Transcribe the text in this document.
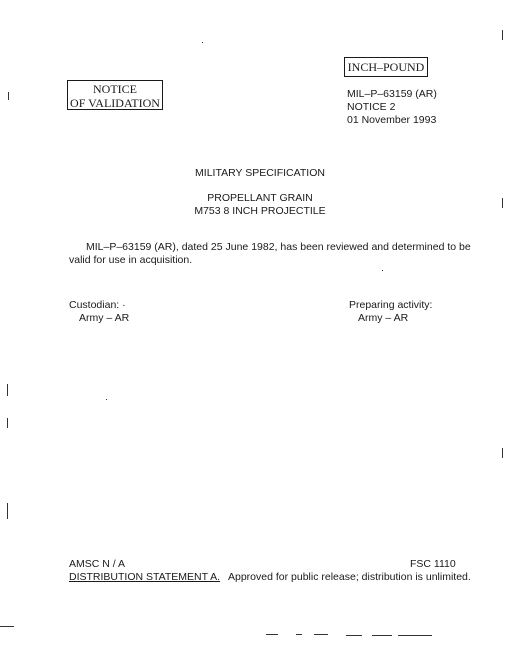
NOTICE
OF VALIDATION
INCH–POUND
MIL–P–63159 (AR)
NOTICE 2
01 November 1993
MILITARY SPECIFICATION
PROPELLANT GRAIN
M753 8 INCH PROJECTILE
MIL–P–63159 (AR), dated 25 June 1982, has been reviewed and determined to be
valid for use in acquisition.
Custodian: ·
Army – AR
Preparing activity:
Army – AR
AMSC N / A	FSC 1110
DISTRIBUTION STATEMENT A. Approved for public release; distribution is unlimited.
